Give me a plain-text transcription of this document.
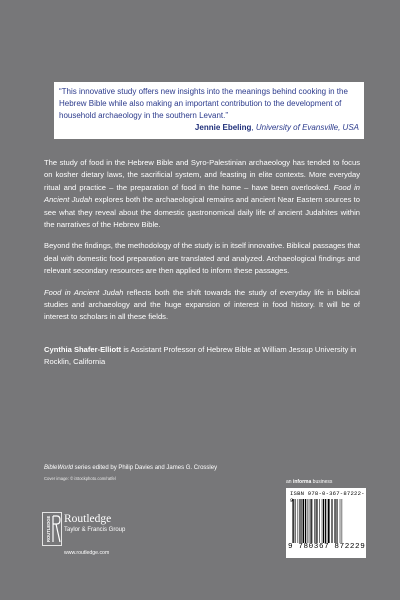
“This innovative study offers new insights into the meanings behind cooking in the Hebrew Bible while also making an important contribution to the development of household archaeology in the southern Levant.”
Jennie Ebeling, University of Evansville, USA

The study of food in the Hebrew Bible and Syro-Palestinian archaeology has tended to focus on kosher dietary laws, the sacrificial system, and feasting in elite contexts. More everyday ritual and practice – the preparation of food in the home – have been overlooked. Food in Ancient Judah explores both the archaeological remains and ancient Near Eastern sources to see what they reveal about the domestic gastronomical daily life of ancient Judahites within the narratives of the Hebrew Bible.

Beyond the findings, the methodology of the study is in itself innovative. Biblical passages that deal with domestic food preparation are translated and analyzed. Archaeological findings and relevant secondary resources are then applied to inform these passages.

Food in Ancient Judah reflects both the shift towards the study of everyday life in biblical studies and archaeology and the huge expansion of interest in food history. It will be of interest to scholars in all these fields.

Cynthia Shafer-Elliott is Assistant Professor of Hebrew Bible at William Jessup University in Rocklin, California
BibleWorld series edited by Philip Davies and James G. Crossley
Cover image: © iStockphoto.com/ratfel
an informa business
ISBN 978-0-367-87222-9
9 780367 872229
ROUTLEDGE Routledge
Taylor & Francis Group
www.routledge.com
